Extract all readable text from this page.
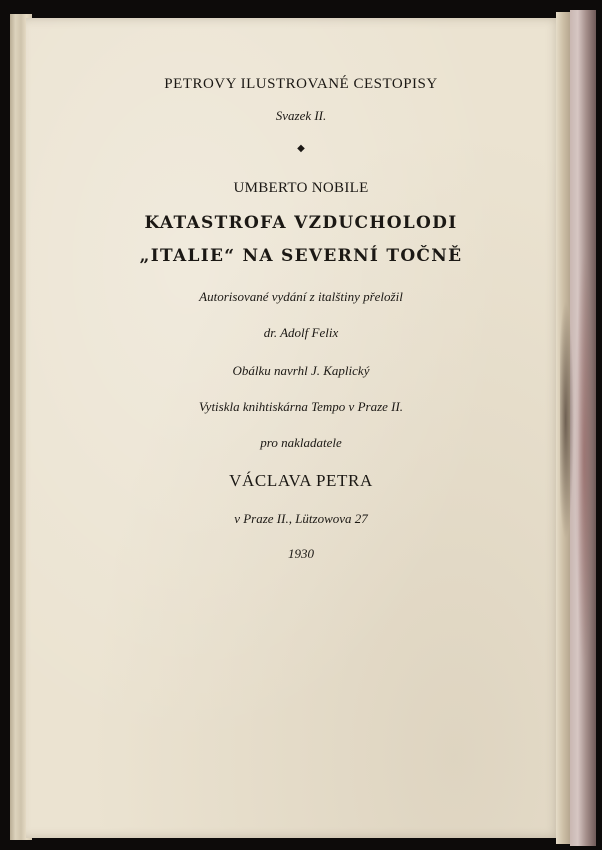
PETROVY ILUSTROVANÉ CESTOPISY
Svazek II.
◆
UMBERTO NOBILE
KATASTROFA VZDUCHOLODI
„ITALIE“ NA SEVERNÍ TOČNĚ
Autorisované vydání z italštiny přeložil
dr. Adolf Felix
Obálku navrhl J. Kaplický
Vytiskla knihtiskárna Tempo v Praze II.
pro nakladatele
VÁCLAVA PETRA
v Praze II., Lützowova 27
1930
